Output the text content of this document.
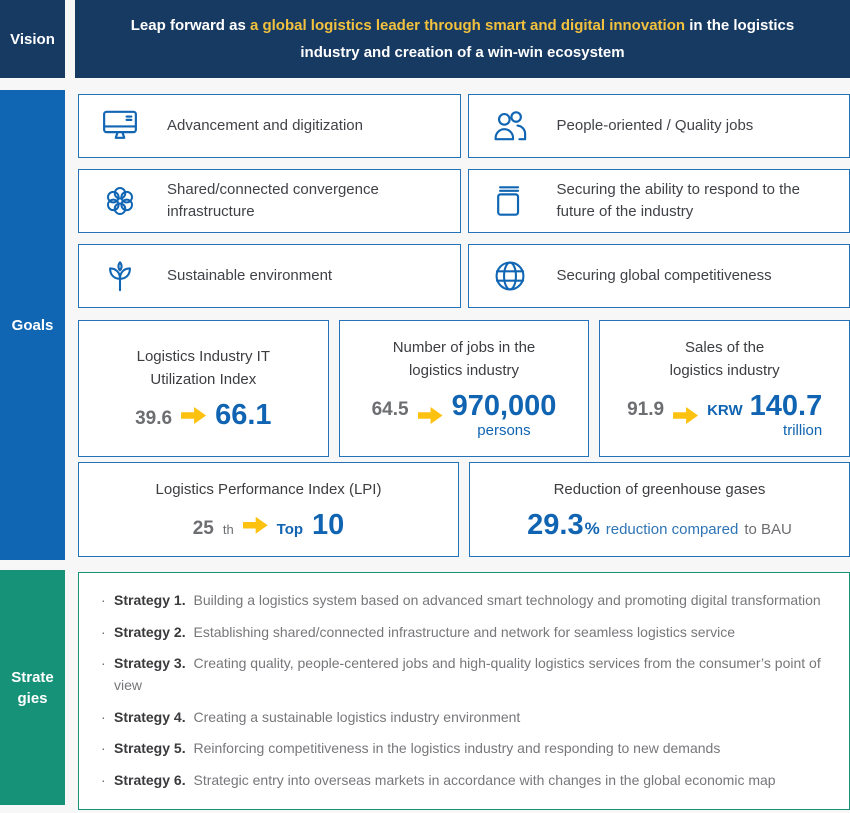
Vision
Leap forward as a global logistics leader through smart and digital innovation in the logistics industry and creation of a win-win ecosystem
Goals
Advancement and digitization	People-oriented / Quality jobs
Shared/connected convergence infrastructure
Securing the ability to respond to the future of the industry
Sustainable environment	Securing global competitiveness
Logistics Industry IT
Utilization Index
39.6 66.1
Number of jobs in the
logistics industry
64.5 970,000
persons
Sales of the
logistics industry
91.9	KRW 140.7
trillion
Logistics Performance Index (LPI)
25 th	Top 10
Reduction of greenhouse gases
29.3 % reduction compared to BAU
Strate
gies

· Strategy 1. Building a logistics system based on advanced smart technology and promoting digital transformation

· Strategy 2. Establishing shared/connected infrastructure and network for seamless logistics service

· Strategy 3. Creating quality, people-centered jobs and high-quality logistics services from the consumer’s point of view

· Strategy 4. Creating a sustainable logistics industry environment

· Strategy 5. Reinforcing competitiveness in the logistics industry and responding to new demands

· Strategy 6. Strategic entry into overseas markets in accordance with changes in the global economic map
